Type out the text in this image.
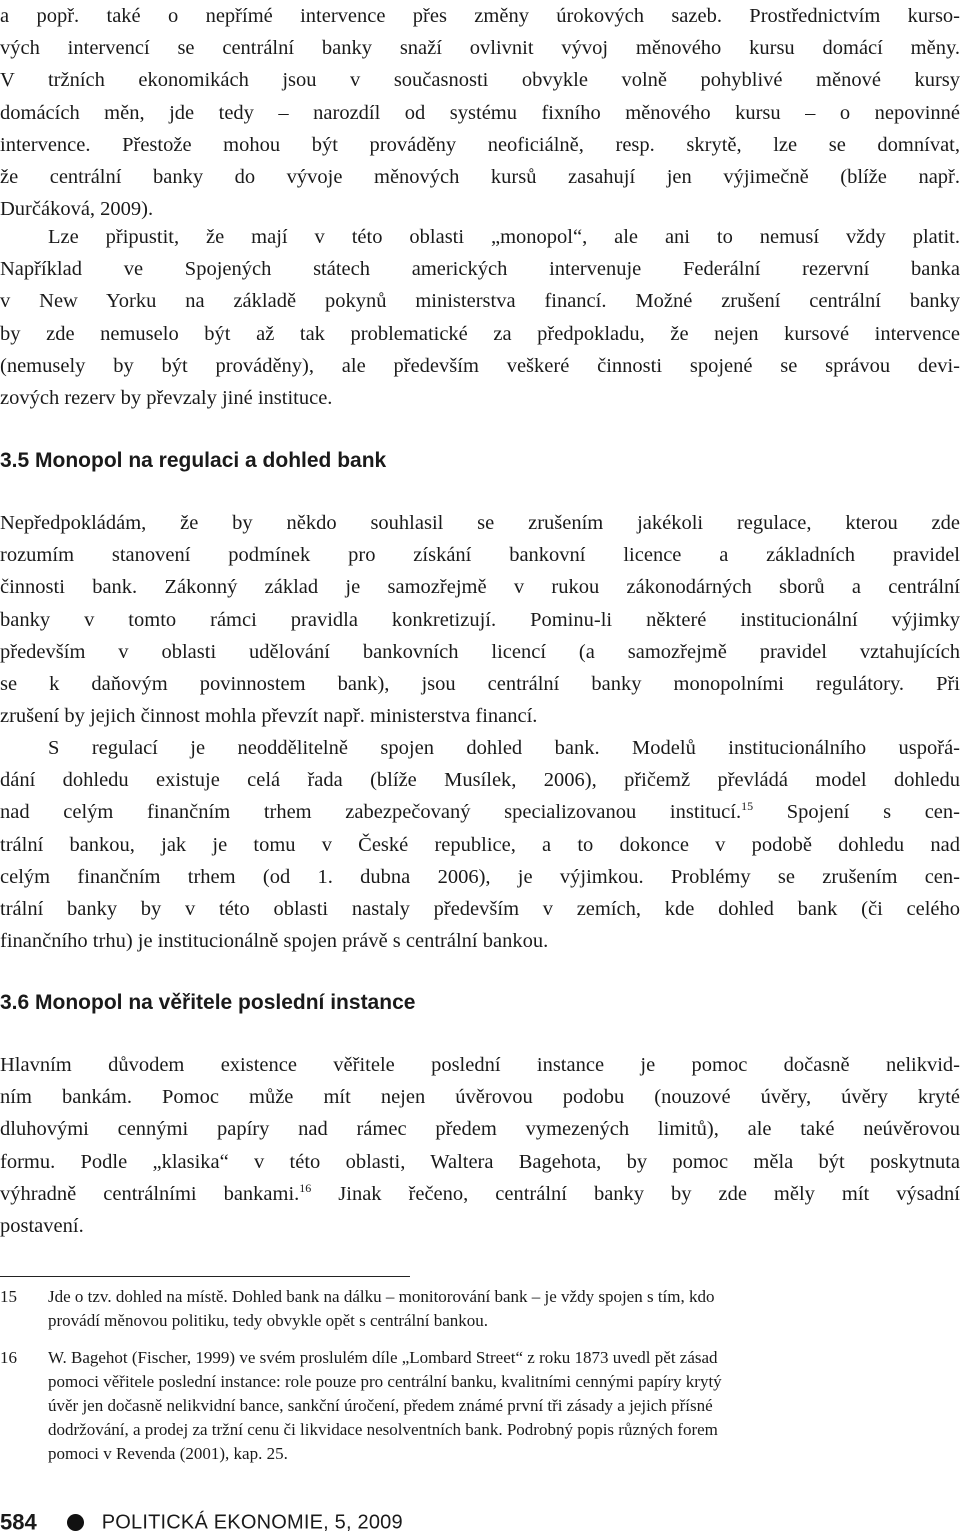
a popř. také o nepřímé intervence přes změny úrokových sazeb. Prostřednictvím kurso-
vých intervencí se centrální banky snaží ovlivnit vývoj měnového kursu domácí měny.
V tržních ekonomikách jsou v současnosti obvykle volně pohyblivé měnové kursy
domácích měn, jde tedy – narozdíl od systému fixního měnového kursu – o nepovinné
intervence. Přestože mohou být prováděny neoficiálně, resp. skrytě, lze se domnívat,
že centrální banky do vývoje měnových kursů zasahují jen výjimečně (blíže např.
Durčáková, 2009).
Lze připustit, že mají v této oblasti „monopol“, ale ani to nemusí vždy platit.
Například ve Spojených státech amerických intervenuje Federální rezervní banka
v New Yorku na základě pokynů ministerstva financí. Možné zrušení centrální banky
by zde nemuselo být až tak problematické za předpokladu, že nejen kursové intervence
(nemusely by být prováděny), ale především veškeré činnosti spojené se správou devi-
zových rezerv by převzaly jiné instituce.
3.5 Monopol na regulaci a dohled bank
Nepředpokládám, že by někdo souhlasil se zrušením jakékoli regulace, kterou zde
rozumím stanovení podmínek pro získání bankovní licence a základních pravidel
činnosti bank. Zákonný základ je samozřejmě v rukou zákonodárných sborů a centrální
banky v tomto rámci pravidla konkretizují. Pominu-li některé institucionální výjimky
především v oblasti udělování bankovních licencí (a samozřejmě pravidel vztahujících
se k daňovým povinnostem bank), jsou centrální banky monopolními regulátory. Při
zrušení by jejich činnost mohla převzít např. ministerstva financí.
S regulací je neoddělitelně spojen dohled bank. Modelů institucionálního uspořá-
dání dohledu existuje celá řada (blíže Musílek, 2006), přičemž převládá model dohledu
nad celým finančním trhem zabezpečovaný specializovanou institucí.$^{15}$ Spojení s cen-
trální bankou, jak je tomu v České republice, a to dokonce v podobě dohledu nad
celým finančním trhem (od 1. dubna 2006), je výjimkou. Problémy se zrušením cen-
trální banky by v této oblasti nastaly především v zemích, kde dohled bank (či celého
finančního trhu) je institucionálně spojen právě s centrální bankou.
3.6 Monopol na věřitele poslední instance
Hlavním důvodem existence věřitele poslední instance je pomoc dočasně nelikvid-
ním bankám. Pomoc může mít nejen úvěrovou podobu (nouzové úvěry, úvěry kryté
dluhovými cennými papíry nad rámec předem vymezených limitů), ale také neúvěrovou
formu. Podle „klasika“ v této oblasti, Waltera Bagehota, by pomoc měla být poskytnuta
výhradně centrálními bankami.$^{16}$ Jinak řečeno, centrální banky by zde měly mít výsadní
postavení.
15 Jde o tzv. dohled na místě. Dohled bank na dálku – monitorování bank – je vždy spojen s tím, kdo
provádí měnovou politiku, tedy obvykle opět s centrální bankou.
16 W. Bagehot (Fischer, 1999) ve svém proslulém díle „Lombard Street“ z roku 1873 uvedl pět zásad
pomoci věřitele poslední instance: role pouze pro centrální banku, kvalitními cennými papíry krytý
úvěr jen dočasně nelikvidní bance, sankční úročení, předem známé první tři zásady a jejich přísné
dodržování, a prodej za tržní cenu či likvidace nesolventních bank. Podrobný popis různých forem
pomoci v Revenda (2001), kap. 25.
584	POLITICKÁ EKONOMIE, 5, 2009
